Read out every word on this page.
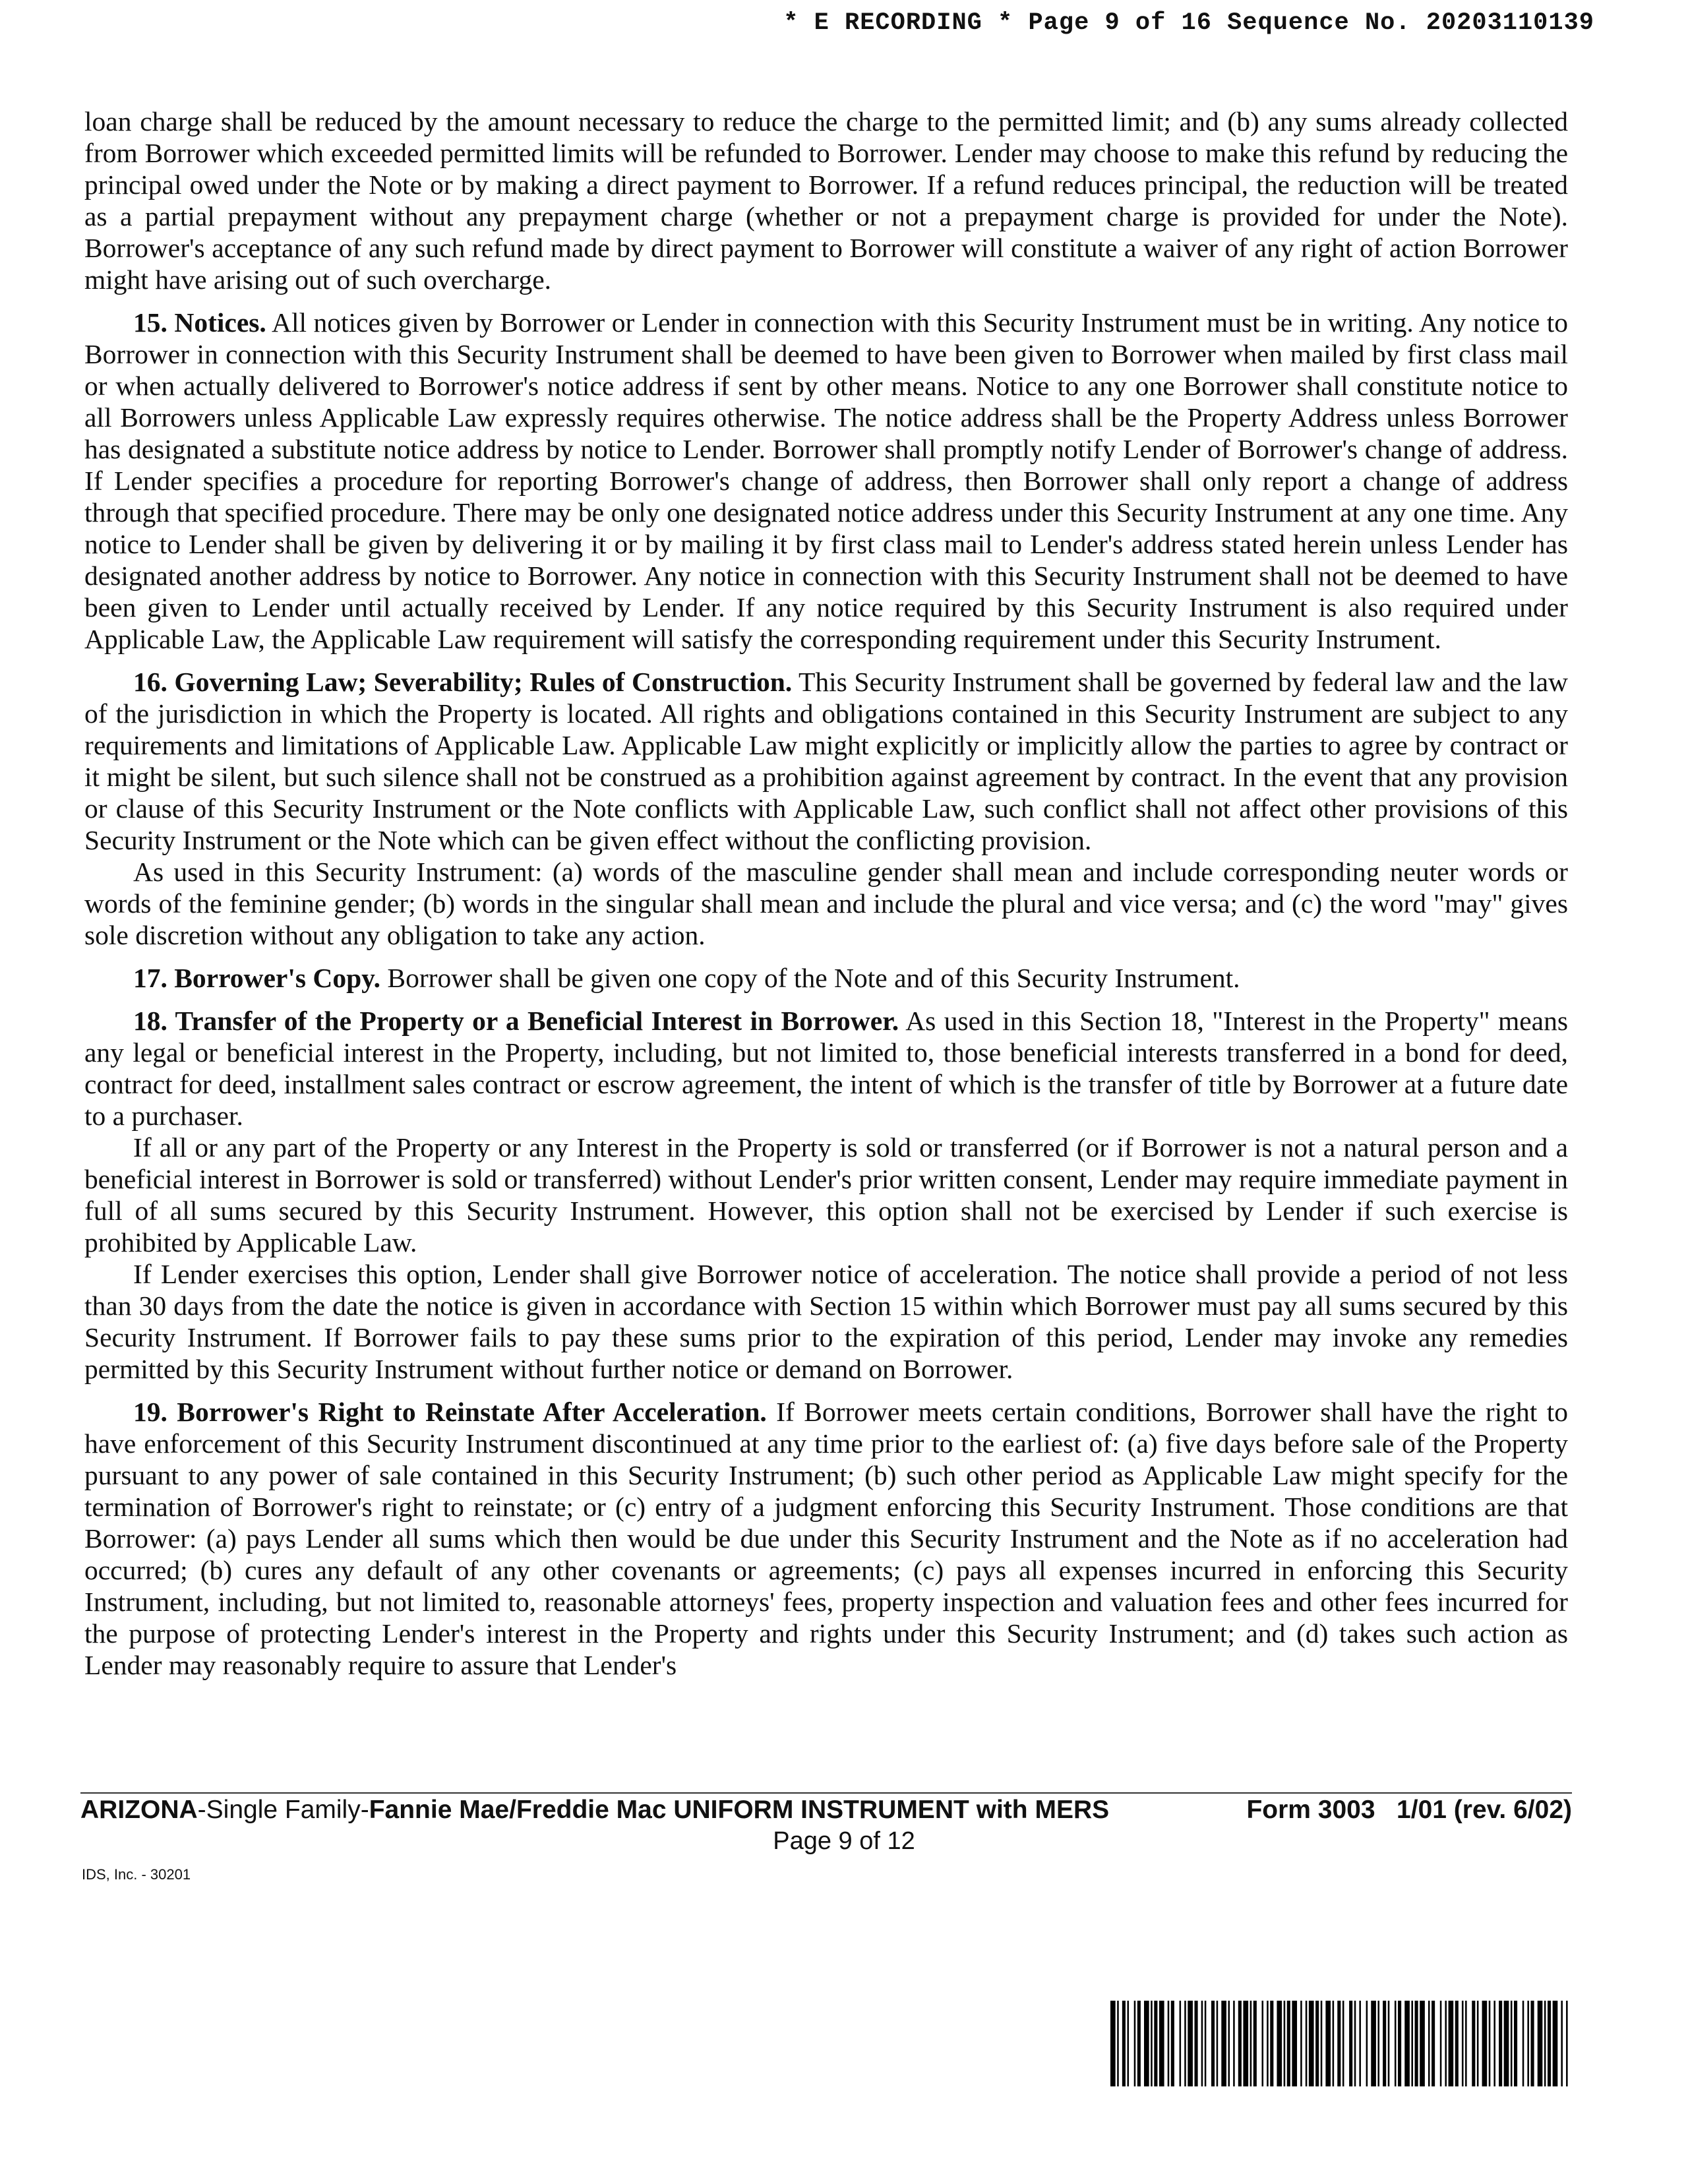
* E RECORDING * Page 9 of 16 Sequence No. 20203110139

loan charge shall be reduced by the amount necessary to reduce the charge to the permitted limit; and (b) any sums already collected from Borrower which exceeded permitted limits will be refunded to Borrower. Lender may choose to make this refund by reducing the principal owed under the Note or by making a direct payment to Borrower. If a refund reduces principal, the reduction will be treated as a partial prepayment without any prepayment charge (whether or not a prepayment charge is provided for under the Note). Borrower's acceptance of any such refund made by direct payment to Borrower will constitute a waiver of any right of action Borrower might have arising out of such overcharge.

15. Notices. All notices given by Borrower or Lender in connection with this Security Instrument must be in writing. Any notice to Borrower in connection with this Security Instrument shall be deemed to have been given to Borrower when mailed by first class mail or when actually delivered to Borrower's notice address if sent by other means. Notice to any one Borrower shall constitute notice to all Borrowers unless Applicable Law expressly requires otherwise. The notice address shall be the Property Address unless Borrower has designated a substitute notice address by notice to Lender. Borrower shall promptly notify Lender of Borrower's change of address. If Lender specifies a procedure for reporting Borrower's change of address, then Borrower shall only report a change of address through that specified procedure. There may be only one designated notice address under this Security Instrument at any one time. Any notice to Lender shall be given by delivering it or by mailing it by first class mail to Lender's address stated herein unless Lender has designated another address by notice to Borrower. Any notice in connection with this Security Instrument shall not be deemed to have been given to Lender until actually received by Lender. If any notice required by this Security Instrument is also required under Applicable Law, the Applicable Law requirement will satisfy the corresponding requirement under this Security Instrument.

16. Governing Law; Severability; Rules of Construction. This Security Instrument shall be governed by federal law and the law of the jurisdiction in which the Property is located. All rights and obligations contained in this Security Instrument are subject to any requirements and limitations of Applicable Law. Applicable Law might explicitly or implicitly allow the parties to agree by contract or it might be silent, but such silence shall not be construed as a prohibition against agreement by contract. In the event that any provision or clause of this Security Instrument or the Note conflicts with Applicable Law, such conflict shall not affect other provisions of this Security Instrument or the Note which can be given effect without the conflicting provision.

As used in this Security Instrument: (a) words of the masculine gender shall mean and include corresponding neuter words or words of the feminine gender; (b) words in the singular shall mean and include the plural and vice versa; and (c) the word "may" gives sole discretion without any obligation to take any action.

17. Borrower's Copy. Borrower shall be given one copy of the Note and of this Security Instrument.

18. Transfer of the Property or a Beneficial Interest in Borrower. As used in this Section 18, "Interest in the Property" means any legal or beneficial interest in the Property, including, but not limited to, those beneficial interests transferred in a bond for deed, contract for deed, installment sales contract or escrow agreement, the intent of which is the transfer of title by Borrower at a future date to a purchaser.

If all or any part of the Property or any Interest in the Property is sold or transferred (or if Borrower is not a natural person and a beneficial interest in Borrower is sold or transferred) without Lender's prior written consent, Lender may require immediate payment in full of all sums secured by this Security Instrument. However, this option shall not be exercised by Lender if such exercise is prohibited by Applicable Law.

If Lender exercises this option, Lender shall give Borrower notice of acceleration. The notice shall provide a period of not less than 30 days from the date the notice is given in accordance with Section 15 within which Borrower must pay all sums secured by this Security Instrument. If Borrower fails to pay these sums prior to the expiration of this period, Lender may invoke any remedies permitted by this Security Instrument without further notice or demand on Borrower.

19. Borrower's Right to Reinstate After Acceleration. If Borrower meets certain conditions, Borrower shall have the right to have enforcement of this Security Instrument discontinued at any time prior to the earliest of: (a) five days before sale of the Property pursuant to any power of sale contained in this Security Instrument; (b) such other period as Applicable Law might specify for the termination of Borrower's right to reinstate; or (c) entry of a judgment enforcing this Security Instrument. Those conditions are that Borrower: (a) pays Lender all sums which then would be due under this Security Instrument and the Note as if no acceleration had occurred; (b) cures any default of any other covenants or agreements; (c) pays all expenses incurred in enforcing this Security Instrument, including, but not limited to, reasonable attorneys' fees, property inspection and valuation fees and other fees incurred for the purpose of protecting Lender's interest in the Property and rights under this Security Instrument; and (d) takes such action as Lender may reasonably require to assure that Lender's

ARIZONA-Single Family-Fannie Mae/Freddie Mac UNIFORM INSTRUMENT with MERS	Form 3003   1/01 (rev. 6/02)
Page 9 of 12
IDS, Inc. - 30201
